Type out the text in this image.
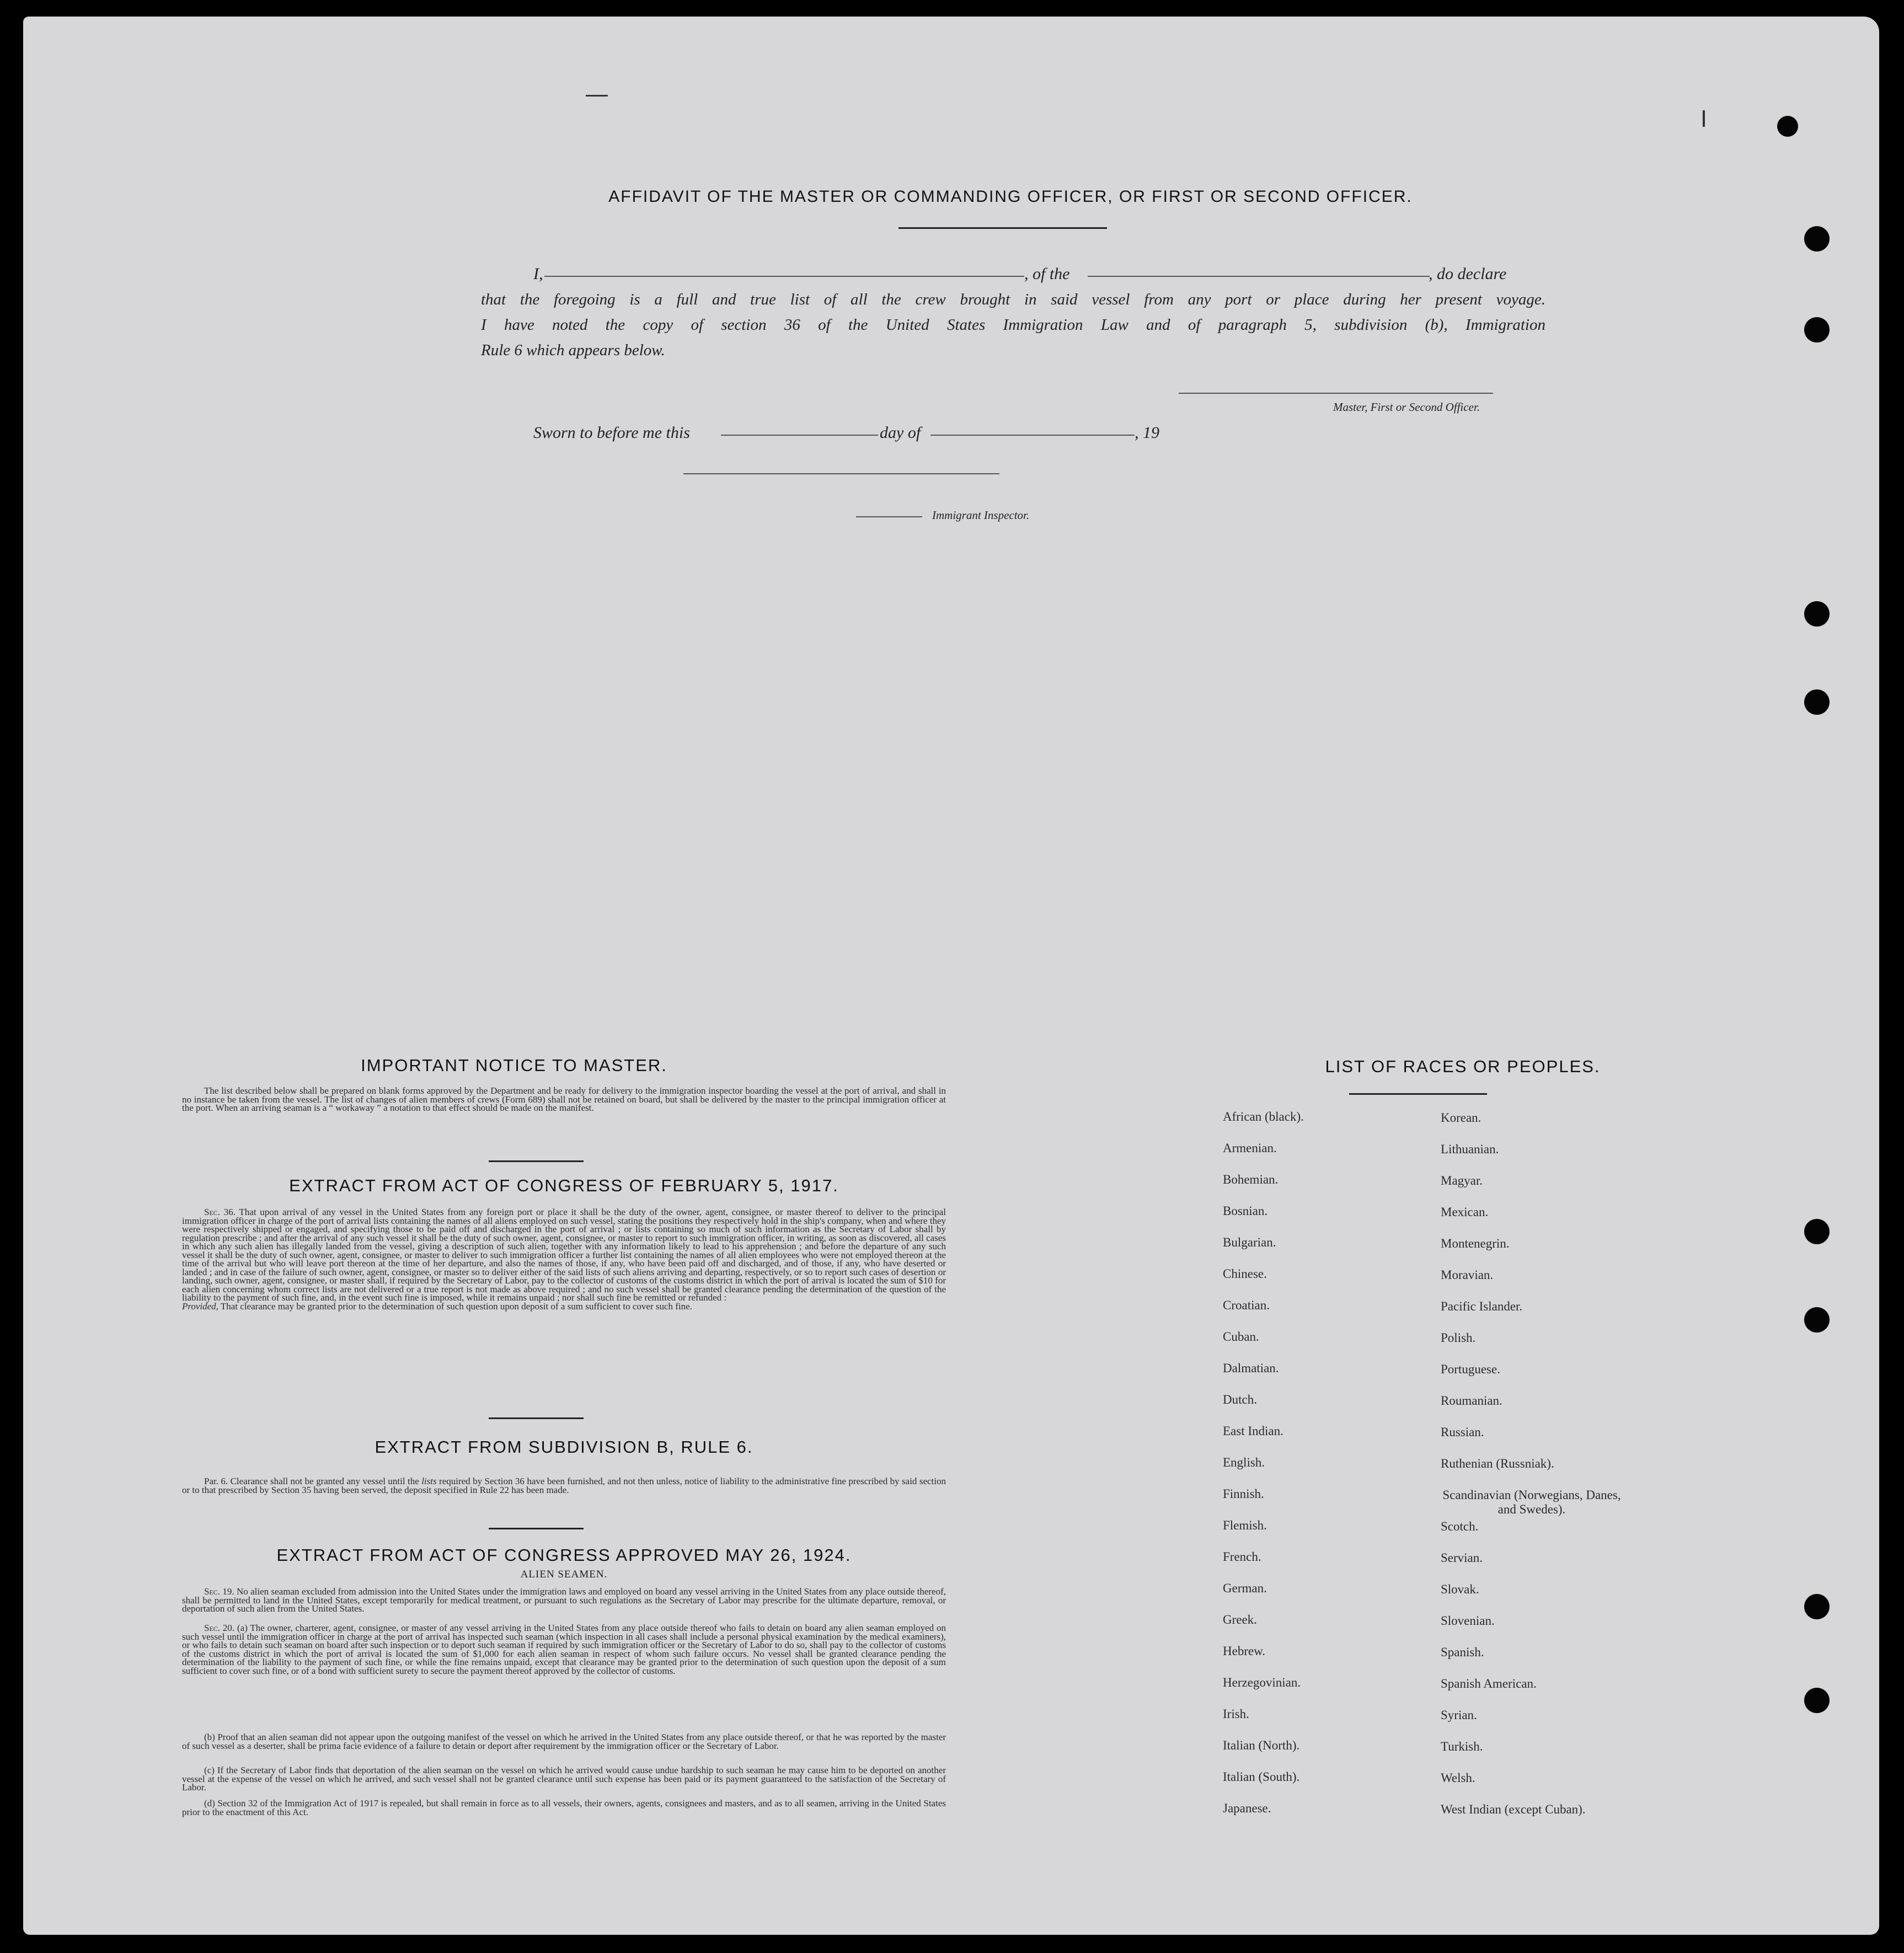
AFFIDAVIT OF THE MASTER OR COMMANDING OFFICER, OR FIRST OR SECOND OFFICER.
I,	, of the	, do declare
that the foregoing is a full and true list of all the crew brought in said vessel from any port or place during her present voyage.
I have noted the copy of section 36 of the United States Immigration Law and of paragraph 5, subdivision (b), Immigration
Rule 6 which appears below.
Master, First or Second Officer.
Sworn to before me this	day of	, 19
Immigrant Inspector.
IMPORTANT NOTICE TO MASTER.
The list described below shall be prepared on blank forms approved by the Department and be ready for delivery to the immigration inspector boarding the vessel at the port of arrival, and shall in no instance be taken from the vessel. The list of changes of alien members of crews (Form 689) shall not be retained on board, but shall be delivered by the master to the principal immigration officer at the port. When an arriving seaman is a “ workaway ” a notation to that effect should be made on the manifest.
EXTRACT FROM ACT OF CONGRESS OF FEBRUARY 5, 1917.
Sec. 36. That upon arrival of any vessel in the United States from any foreign port or place it shall be the duty of the owner, agent, consignee, or master thereof to deliver to the principal immigration officer in charge of the port of arrival lists containing the names of all aliens employed on such vessel, stating the positions they respectively hold in the ship's company, when and where they were respectively shipped or engaged, and specifying those to be paid off and discharged in the port of arrival ; or lists containing so much of such information as the Secretary of Labor shall by regulation prescribe ; and after the arrival of any such vessel it shall be the duty of such owner, agent, consignee, or master to report to such immigration officer, in writing, as soon as discovered, all cases in which any such alien has illegally landed from the vessel, giving a description of such alien, together with any information likely to lead to his apprehension ; and before the departure of any such vessel it shall be the duty of such owner, agent, consignee, or master to deliver to such immigration officer a further list containing the names of all alien employees who were not employed thereon at the time of the arrival but who will leave port thereon at the time of her departure, and also the names of those, if any, who have been paid off and discharged, and of those, if any, who have deserted or landed ; and in case of the failure of such owner, agent, consignee, or master so to deliver either of the said lists of such aliens arriving and departing, respectively, or so to report such cases of desertion or landing, such owner, agent, consignee, or master shall, if required by the Secretary of Labor, pay to the collector of customs of the customs district in which the port of arrival is located the sum of $10 for each alien concerning whom correct lists are not delivered or a true report is not made as above required ; and no such vessel shall be granted clearance pending the determination of the question of the liability to the payment of such fine, and, in the event such fine is imposed, while it remains unpaid ; nor shall such fine be remitted or refunded :
Provided, That clearance may be granted prior to the determination of such question upon deposit of a sum sufficient to cover such fine.
EXTRACT FROM SUBDIVISION B, RULE 6.
Par. 6. Clearance shall not be granted any vessel until the lists required by Section 36 have been furnished, and not then unless, notice of liability to the administrative fine prescribed by said section or to that prescribed by Section 35 having been served, the deposit specified in Rule 22 has been made.
EXTRACT FROM ACT OF CONGRESS APPROVED MAY 26, 1924.
ALIEN SEAMEN.
Sec. 19. No alien seaman excluded from admission into the United States under the immigration laws and employed on board any vessel arriving in the United States from any place outside thereof, shall be permitted to land in the United States, except temporarily for medical treatment, or pursuant to such regulations as the Secretary of Labor may prescribe for the ultimate departure, removal, or deportation of such alien from the United States.
Sec. 20. (a) The owner, charterer, agent, consignee, or master of any vessel arriving in the United States from any place outside thereof who fails to detain on board any alien seaman employed on such vessel until the immigration officer in charge at the port of arrival has inspected such seaman (which inspection in all cases shall include a personal physical examination by the medical examiners), or who fails to detain such seaman on board after such inspection or to deport such seaman if required by such immigration officer or the Secretary of Labor to do so, shall pay to the collector of customs of the customs district in which the port of arrival is located the sum of $1,000 for each alien seaman in respect of whom such failure occurs. No vessel shall be granted clearance pending the determination of the liability to the payment of such fine, or while the fine remains unpaid, except that clearance may be granted prior to the determination of such question upon the deposit of a sum sufficient to cover such fine, or of a bond with sufficient surety to secure the payment thereof approved by the collector of customs.
(b) Proof that an alien seaman did not appear upon the outgoing manifest of the vessel on which he arrived in the United States from any place outside thereof, or that he was reported by the master of such vessel as a deserter, shall be prima facie evidence of a failure to detain or deport after requirement by the immigration officer or the Secretary of Labor.
(c) If the Secretary of Labor finds that deportation of the alien seaman on the vessel on which he arrived would cause undue hardship to such seaman he may cause him to be deported on another vessel at the expense of the vessel on which he arrived, and such vessel shall not be granted clearance until such expense has been paid or its payment guaranteed to the satisfaction of the Secretary of Labor.
(d) Section 32 of the Immigration Act of 1917 is repealed, but shall remain in force as to all vessels, their owners, agents, consignees and masters, and as to all seamen, arriving in the United States prior to the enactment of this Act.
LIST OF RACES OR PEOPLES.
African (black).
Armenian.
Bohemian.
Bosnian.
Bulgarian.
Chinese.
Croatian.
Cuban.
Dalmatian.
Dutch.
East Indian.
English.
Finnish.
Flemish.
French.
German.
Greek.
Hebrew.
Herzegovinian.
Irish.
Italian (North).
Italian (South).
Japanese.
Korean.
Lithuanian.
Magyar.
Mexican.
Montenegrin.
Moravian.
Pacific Islander.
Polish.
Portuguese.
Roumanian.
Russian.
Ruthenian (Russniak).
Scandinavian (Norwegians, Danes, and Swedes).
Scotch.
Servian.
Slovak.
Slovenian.
Spanish.
Spanish American.
Syrian.
Turkish.
Welsh.
West Indian (except Cuban).
